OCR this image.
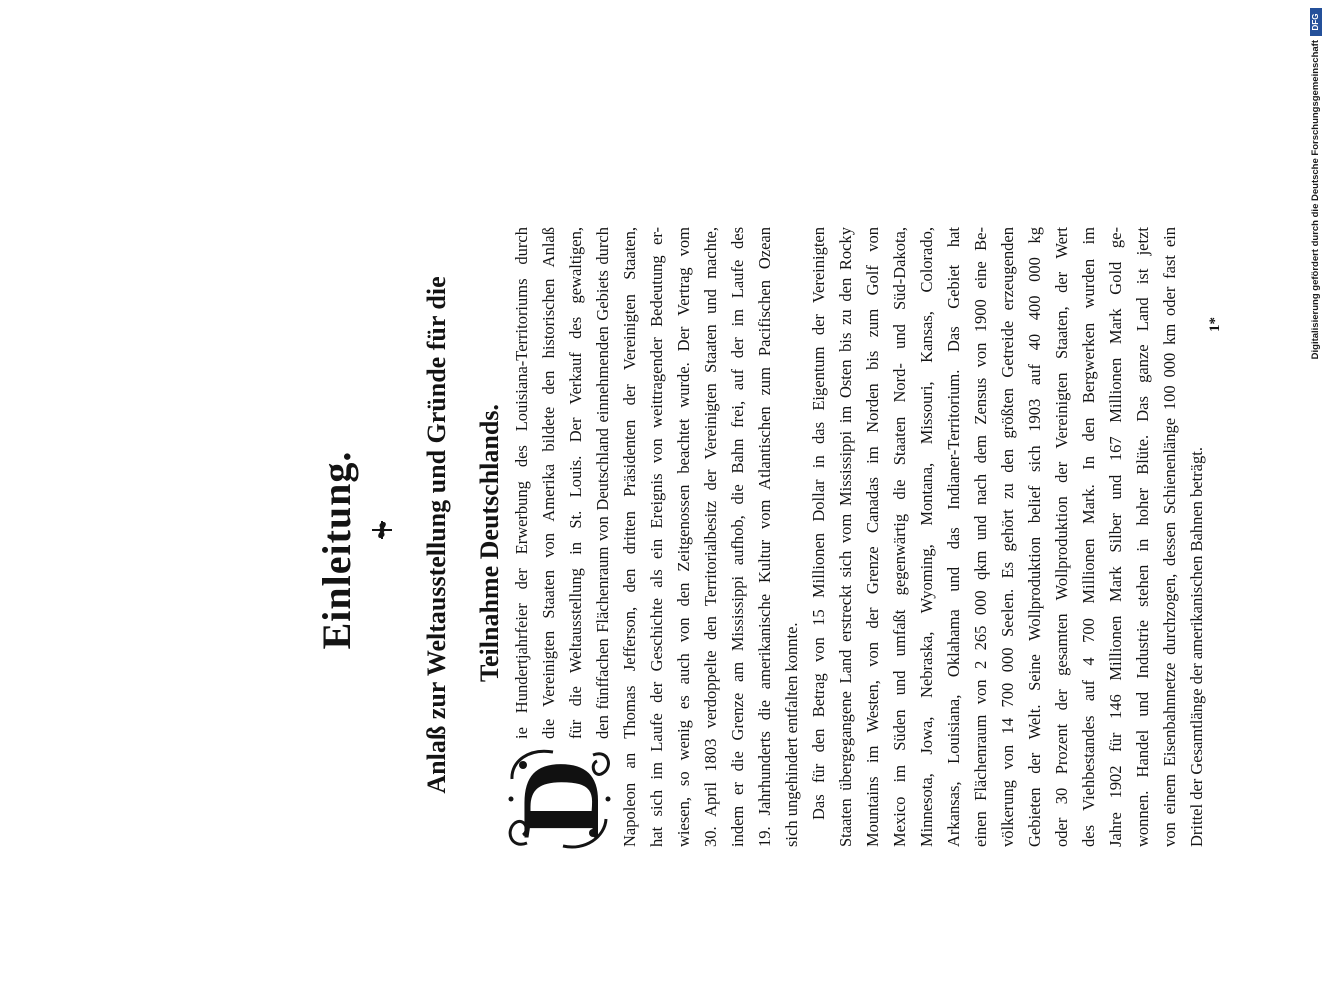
Einleitung. Anlaß zur Weltausstellung und Gründe für die Teilnahme Deutschlands.
D
ie Hundertjahrfeier der Erwerbung des Louisiana-Territoriums durch die Vereinigten Staaten von Amerika bildete den historischen Anlaß für die Weltausstellung in St. Louis. Der Verkauf des gewaltigen, den fünffachen Flächenraum von Deutschland einnehmenden Gebiets durch Napoleon an Thomas Jefferson, den dritten Präsidenten der Vereinigten Staaten, hat sich im Laufe der Geschichte als ein Ereignis von weittragender Bedeutung er- wiesen, so wenig es auch von den Zeitgenossen beachtet wurde. Der Vertrag vom 30. April 1803 verdoppelte den Territorialbesitz der Vereinigten Staaten und machte, indem er die Grenze am Mississippi aufhob, die Bahn frei, auf der im Laufe des 19. Jahrhunderts die amerikanische Kultur vom Atlantischen zum Pacifischen Ozean sich ungehindert entfalten konnte. Das für den Betrag von 15 Millionen Dollar in das Eigentum der Vereinigten Staaten übergegangene Land erstreckt sich vom Mississippi im Osten bis zu den Rocky Mountains im Westen, von der Grenze Canadas im Norden bis zum Golf von Mexico im Süden und umfaßt gegenwärtig die Staaten Nord- und Süd-Dakota, Minnesota, Jowa, Nebraska, Wyoming, Montana, Missouri, Kansas, Colorado, Arkansas, Louisiana, Oklahama und das Indianer-Territorium. Das Gebiet hat einen Flächenraum von 2 265 000 qkm und nach dem Zensus von 1900 eine Be- völkerung von 14 700 000 Seelen. Es gehört zu den größten Getreide erzeugenden Gebieten der Welt. Seine Wollproduktion belief sich 1903 auf 40 400 000 kg oder 30 Prozent der gesamten Wollproduktion der Vereinigten Staaten, der Wert des Viehbestandes auf 4 700 Millionen Mark. In den Bergwerken wurden im Jahre 1902 für 146 Millionen Mark Silber und 167 Millionen Mark Gold ge- wonnen. Handel und Industrie stehen in hoher Blüte. Das ganze Land ist jetzt von einem Eisenbahnnetze durchzogen, dessen Schienenlänge 100 000 km oder fast ein Drittel der Gesamtlänge der amerikanischen Bahnen beträgt.
1*	Digitalisierung gefördert durch die Deutsche Forschungsgemeinschaft
DFG
